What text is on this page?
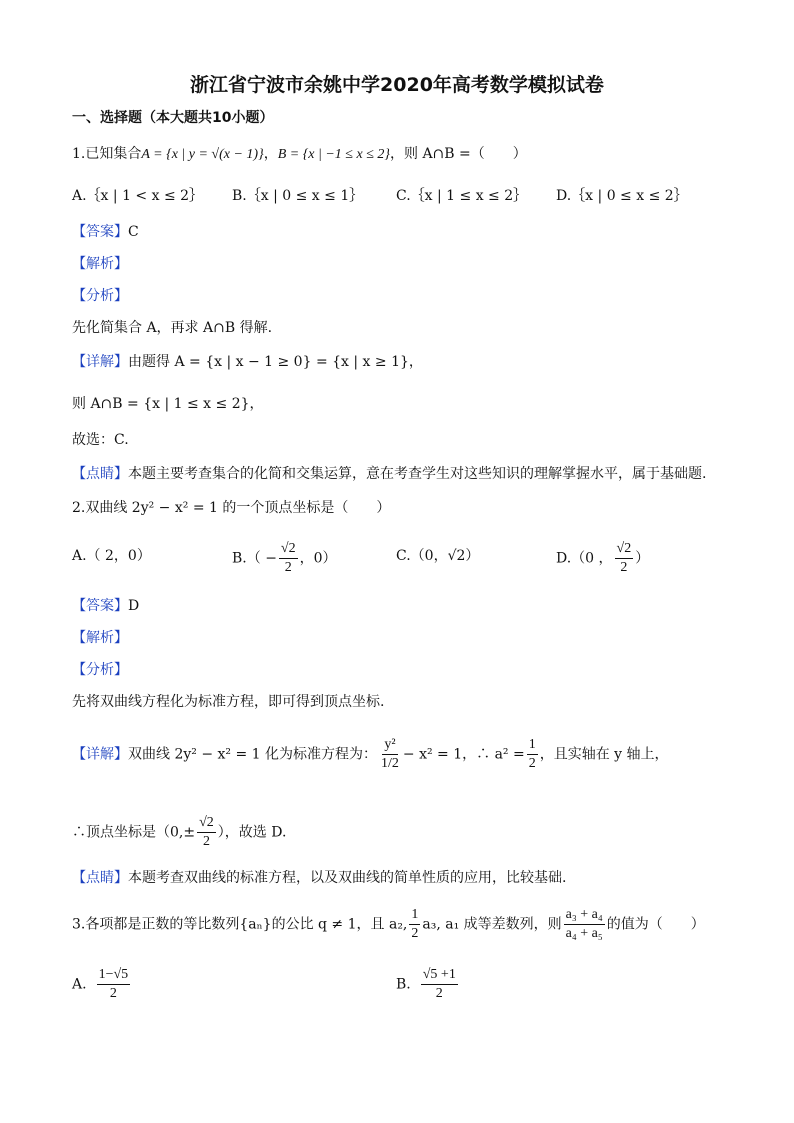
浙江省宁波市余姚中学2020年高考数学模拟试卷
一、选择题（本大题共10小题）
1.已知集合A = {x | y = √(x − 1)}，B = {x | −1 ≤ x ≤ 2}，则 A∩B =（　　）
A.｛x | 1 < x ≤ 2｝ B.｛x | 0 ≤ x ≤ 1｝ C.｛x | 1 ≤ x ≤ 2｝ D.｛x | 0 ≤ x ≤ 2｝
【答案】C
【解析】
【分析】
先化简集合 A，再求 A∩B 得解.
【详解】由题得 A = {x | x − 1 ≥ 0} = {x | x ≥ 1}，
则 A∩B = {x | 1 ≤ x ≤ 2}，
故选：C.
【点睛】本题主要考查集合的化简和交集运算，意在考查学生对这些知识的理解掌握水平，属于基础题.
2.双曲线 2y² − x² = 1 的一个顶点坐标是（　　）
A.（ 2，0）	$B.( - \frac{√2}{2}$ ，0）	C.（0，√2）	D.（0 ， $\frac{√2}{2}$ ）
【答案】D
【解析】
【分析】
先将双曲线方程化为标准方程，即可得到顶点坐标.
【详解】双曲线 2y² − x² = 1 化为标准方程为： $\frac{\text{y²}}{1/2} - x^2 = 1$，∴ $a^2 = \frac{1}{2}$ ，且实轴在 y 轴上，
∴顶点坐标是（$0,\pm \frac{√2}{2}$ ），故选 D.
【点睛】本题考查双曲线的标准方程，以及双曲线的简单性质的应用，比较基础.
3.各项都是正数的等比数列{aₙ}的公比 q ≠ 1，且 a₂, $\frac{1}{2} a_3$, a₁ 成等差数列，则 $\frac{\text{a₃ + a₄}}{\text{a₄ + a₅}}$ 的值为（　　）
A. $\frac{1-√5}{2}$	B. $\frac{√5 +1}{2}$
